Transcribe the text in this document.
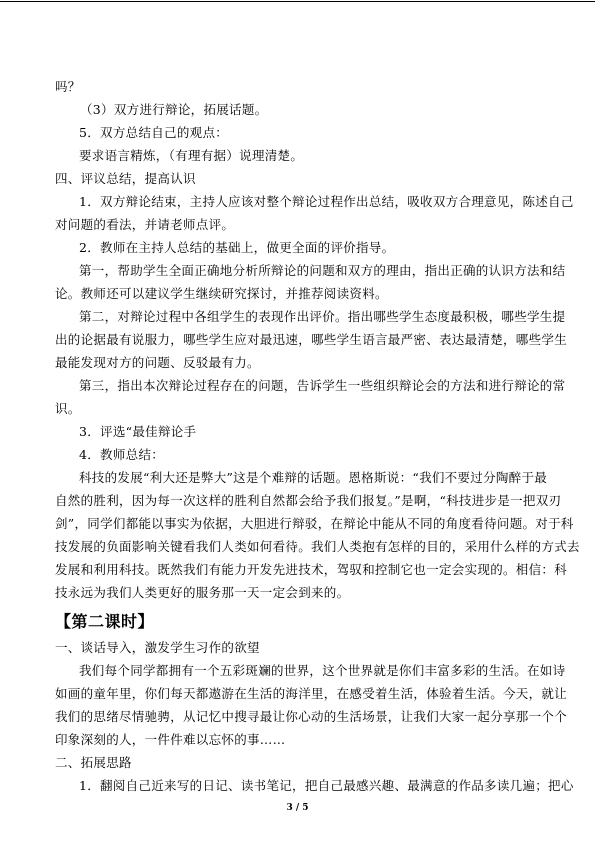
吗？

（3）双方进行辩论，拓展话题。

5．双方总结自己的观点：

要求语言精炼，（有理有据）说理清楚。

四、评议总结，提高认识

1．双方辩论结束，主持人应该对整个辩论过程作出总结，吸收双方合理意见，陈述自己

对问题的看法，并请老师点评。

2．教师在主持人总结的基础上，做更全面的评价指导。

第一，帮助学生全面正确地分析所辩论的问题和双方的理由，指出正确的认识方法和结

论。教师还可以建议学生继续研究探讨，并推荐阅读资料。

第二，对辩论过程中各组学生的表现作出评价。指出哪些学生态度最积极，哪些学生提

出的论据最有说服力，哪些学生应对最迅速，哪些学生语言最严密、表达最清楚，哪些学生

最能发现对方的问题、反驳最有力。

第三，指出本次辩论过程存在的问题，告诉学生一些组织辩论会的方法和进行辩论的常

识。

3．评选“最佳辩论手

4．教师总结：

科技的发展“利大还是弊大”这是个难辩的话题。恩格斯说：“我们不要过分陶醉于最

自然的胜利，因为每一次这样的胜利自然都会给予我们报复。”是啊，“科技进步是一把双刃

剑”，同学们都能以事实为依据，大胆进行辩驳，在辩论中能从不同的角度看待问题。对于科

技发展的负面影响关键看我们人类如何看待。我们人类抱有怎样的目的，采用什么样的方式去

发展和利用科技。既然我们有能力开发先进技术，驾驭和控制它也一定会实现的。相信：科

技永远为我们人类更好的服务那一天一定会到来的。

【第二课时】

一、谈话导入，激发学生习作的欲望

我们每个同学都拥有一个五彩斑斓的世界，这个世界就是你们丰富多彩的生活。在如诗

如画的童年里，你们每天都遨游在生活的海洋里，在感受着生活，体验着生活。今天，就让

我们的思绪尽情驰骋，从记忆中搜寻最让你心动的生活场景，让我们大家一起分享那一个个

印象深刻的人，一件件难以忘怀的事……

二、拓展思路

1．翻阅自己近来写的日记、读书笔记，把自己最感兴趣、最满意的作品多读几遍；把心

3 / 5
